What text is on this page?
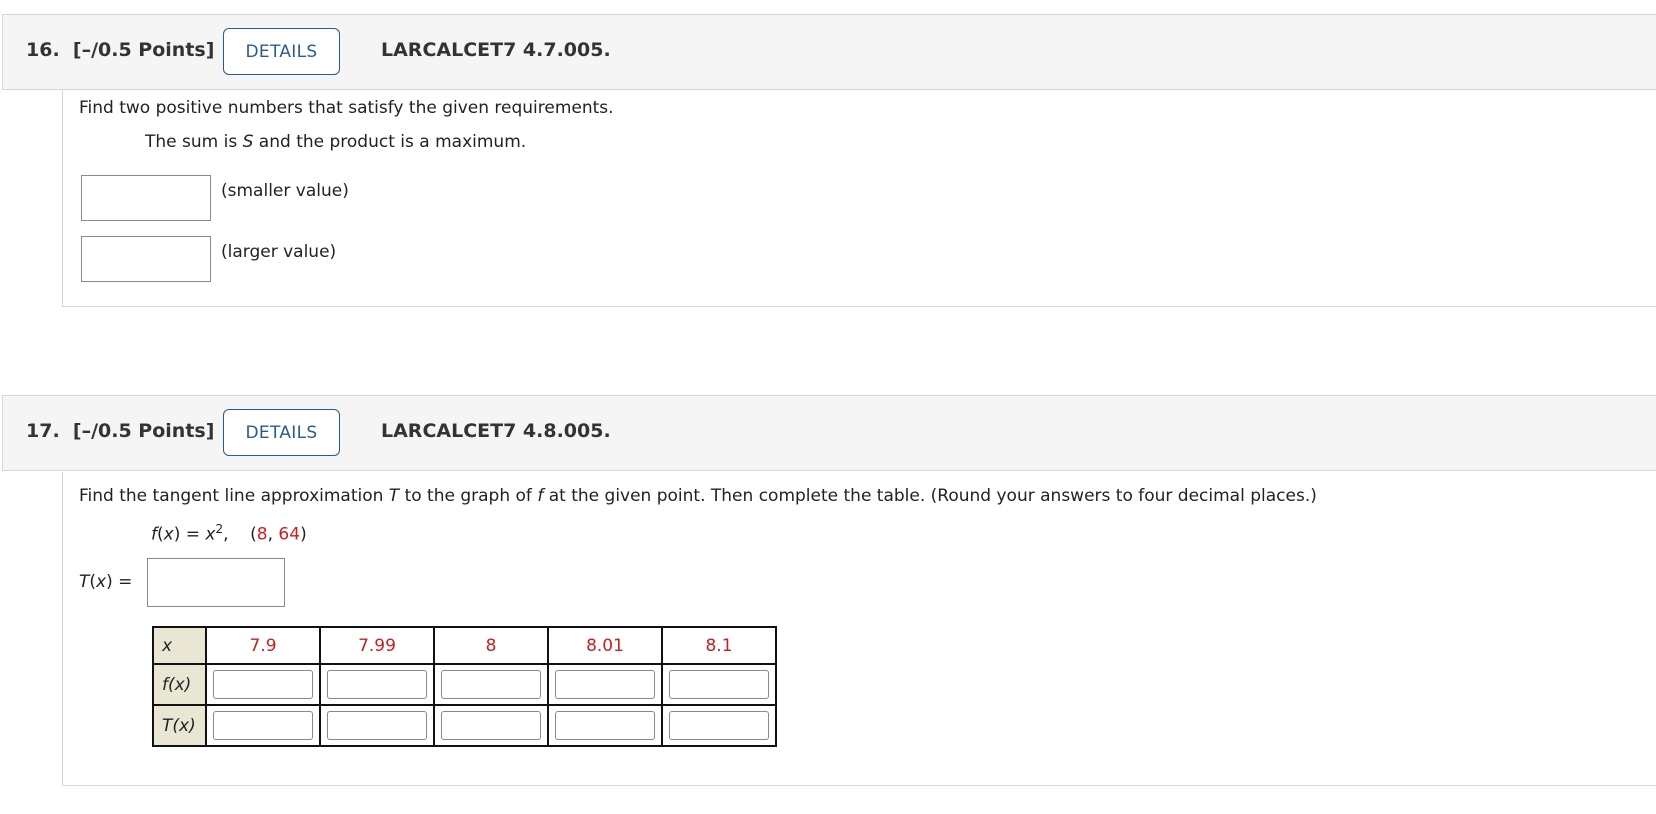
16. [–/0.5 Points]	DETAILS	LARCALCET7 4.7.005.
Find two positive numbers that satisfy the given requirements.
The sum is S and the product is a maximum.
(smaller value)
(larger value)
17. [–/0.5 Points]	DETAILS	LARCALCET7 4.8.005.
Find the tangent line approximation T to the graph of f at the given point. Then complete the table. (Round your answers to four decimal places.)
$f(x) = x^2$, (8, 64)
T(x) =
x	7.9	7.99	8	8.01	8.1
f(x)					
T(x)					
